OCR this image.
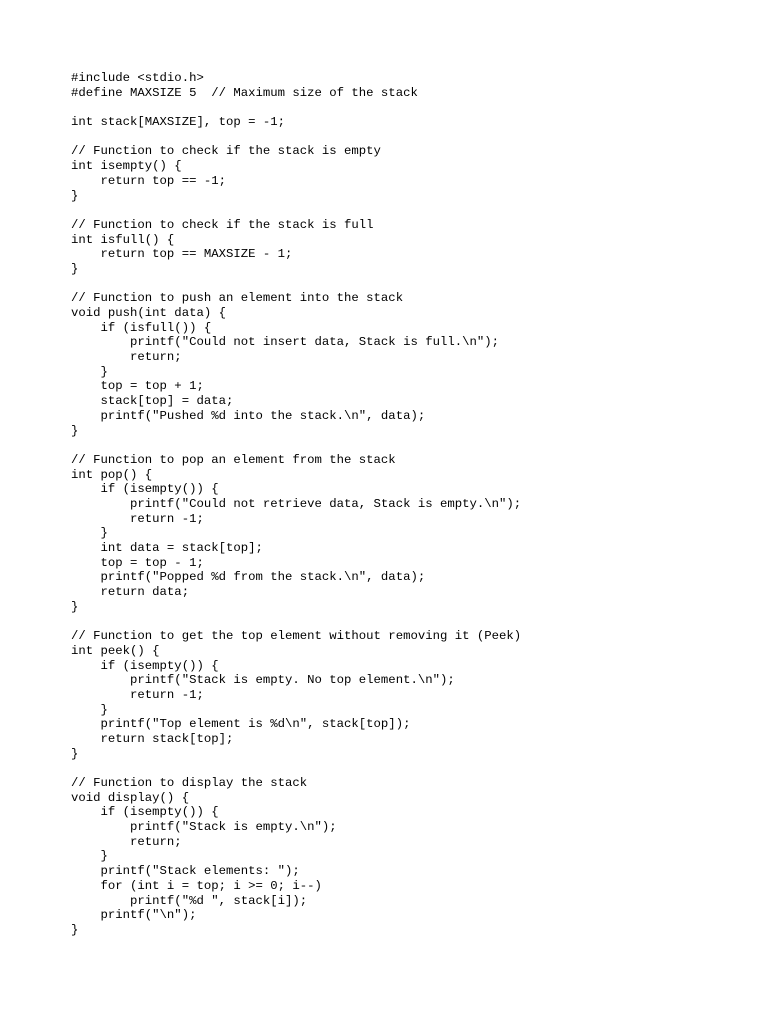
#include <stdio.h>
#define MAXSIZE 5  // Maximum size of the stack
int stack[MAXSIZE], top = -1;
// Function to check if the stack is empty
int isempty() {
return top == -1;
}
// Function to check if the stack is full
int isfull() {
return top == MAXSIZE - 1;
}
// Function to push an element into the stack
void push(int data) {
if (isfull()) {
printf("Could not insert data, Stack is full.\n");
return;
}
top = top + 1;
stack[top] = data;
printf("Pushed %d into the stack.\n", data);
}
// Function to pop an element from the stack
int pop() {
if (isempty()) {
printf("Could not retrieve data, Stack is empty.\n");
return -1;
}
int data = stack[top];
top = top - 1;
printf("Popped %d from the stack.\n", data);
return data;
}
// Function to get the top element without removing it (Peek)
int peek() {
if (isempty()) {
printf("Stack is empty. No top element.\n");
return -1;
}
printf("Top element is %d\n", stack[top]);
return stack[top];
}
// Function to display the stack
void display() {
if (isempty()) {
printf("Stack is empty.\n");
return;
}
printf("Stack elements: ");
for (int i = top; i >= 0; i--)
printf("%d ", stack[i]);
printf("\n");
}
